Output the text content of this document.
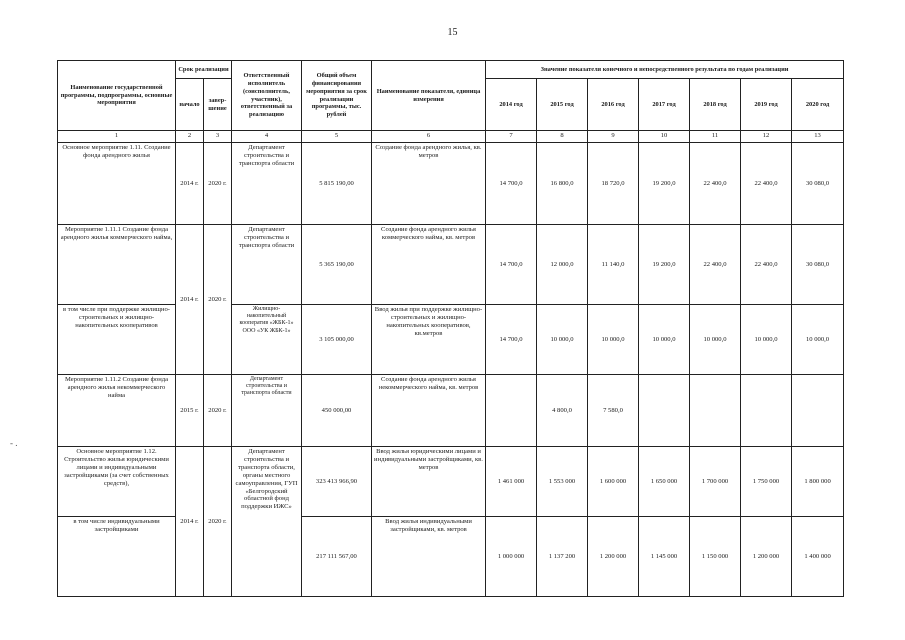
15
- .
Наименование государственной программы, подпрограммы, основные мероприятия	Срок реализации		Ответственный исполнитель (соисполнитель, участник), ответственный за реализацию	Общий объем финансирования мероприятия за срок реализации программы, тыс. рублей	Наименование показателя, единица измерения	Значение показателя конечного и непосредственного результата по годам реализации						
	начало	завер-шение				2014 год	2015 год	2016 год	2017 год	2018 год	2019 год	2020 год
1	2	3	4	5	6	7	8	9	10	11	12	13
Основное мероприятие 1.11. Создание фонда арендного жилья	2014 г.	2020 г.	Департамент строительства и транспорта области	5 815 190,00	Создание фонда арендного жилья, кв. метров	14 700,0	16 800,0	18 720,0	19 200,0	22 400,0	22 400,0	30 080,0
Мероприятие 1.11.1 Создание фонда арендного жилья коммерческого найма,	2014 г.	2020 г.	Департамент строительства и транспорта области	5 365 190,00	Создание фонда арендного жилья коммерческого найма, кв. метров	14 700,0	12 000,0	11 140,0	19 200,0	22 400,0	22 400,0	30 080,0
в том числе при поддержке жилищно-строительных и жилищно-накопительных кооперативов			Жилищно-накопительный кооператив «ЖБК-1» ООО «УК ЖБК-1»	3 105 000,00	Ввод жилья при поддержке жилищно-строительных и жилищно-накопительных кооперативов, кв.метров	14 700,0	10 000,0	10 000,0	10 000,0	10 000,0	10 000,0	10 000,0
Мероприятие 1.11.2 Создание фонда арендного жилья некоммерческого найма	2015 г.	2020 г.	Департамент строительства и транспорта области	450 000,00	Создание фонда арендного жилья некоммерческого найма, кв. метров		4 800,0	7 580,0				
Основное мероприятие 1.12. Строительство жилья юридическими лицами и индивидуальными застройщиками (за счет собственных средств),	2014 г.	2020 г.	Департамент строительства и транспорта области, органы местного самоуправления, ГУП «Белгородский областной фонд поддержки ИЖС»	323 413 966,90	Ввод жилья юридическими лицами и индивидуальными застройщиками, кв. метров	1 461 000	1 553 000	1 600 000	1 650 000	1 700 000	1 750 000	1 800 000
в том числе индивидуальными застройщиками				217 111 567,00	Ввод жилья индивидуальными застройщиками, кв. метров	1 000 000	1 137 200	1 200 000	1 145 000	1 150 000	1 200 000	1 400 000
